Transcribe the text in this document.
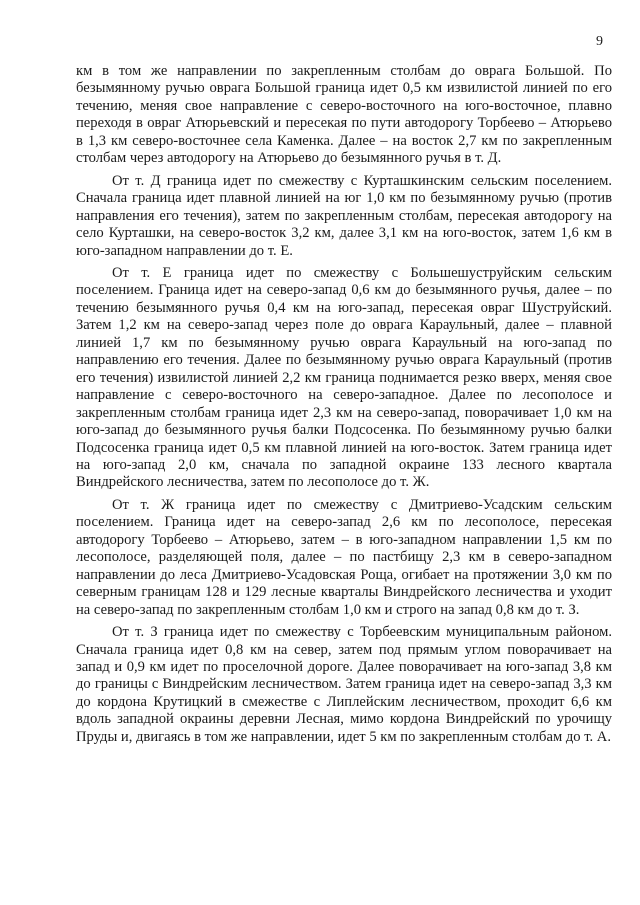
9

км в том же направлении по закрепленным столбам до оврага Большой. По безымянному ручью оврага Большой граница идет 0,5 км извилистой линией по его течению, меняя свое направление с северо-восточного на юго-восточное, плавно переходя в овраг Атюрьевский и пересекая по пути автодорогу Торбеево – Атюрьево в 1,3 км северо-восточнее села Каменка. Далее – на восток 2,7 км по закрепленным столбам через автодорогу на Атюрьево до безымянного ручья в т. Д.

От т. Д граница идет по смежеству с Курташкинским сельским поселением. Сначала граница идет плавной линией на юг 1,0 км по безымянному ручью (против направления его течения), затем по закрепленным столбам, пересекая автодорогу на село Курташки, на северо-восток 3,2 км, далее 3,1 км на юго-восток, затем 1,6 км в юго-западном направлении до т. Е.

От т. Е граница идет по смежеству с Большешуструйским сельским поселением. Граница идет на северо-запад 0,6 км до безымянного ручья, далее – по течению безымянного ручья 0,4 км на юго-запад, пересекая овраг Шуструйский. Затем 1,2 км на северо-запад через поле до оврага Караульный, далее – плавной линией 1,7 км по безымянному ручью оврага Караульный на юго-запад по направлению его течения. Далее по безымянному ручью оврага Караульный (против его течения) извилистой линией 2,2 км граница поднимается резко вверх, меняя свое направление с северо-восточного на северо-западное. Далее по лесополосе и закрепленным столбам граница идет 2,3 км на северо-запад, поворачивает 1,0 км на юго-запад до безымянного ручья балки Подсосенка. По безымянному ручью балки Подсосенка граница идет 0,5 км плавной линией на юго-восток. Затем граница идет на юго-запад 2,0 км, сначала по западной окраине 133 лесного квартала Виндрейского лесничества, затем по лесополосе до т. Ж.

От т. Ж граница идет по смежеству с Дмитриево-Усадским сельским поселением. Граница идет на северо-запад 2,6 км по лесополосе, пересекая автодорогу Торбеево – Атюрьево, затем – в юго-западном направлении 1,5 км по лесополосе, разделяющей поля, далее – по пастбищу 2,3 км в северо-западном направлении до леса Дмитриево-Усадовская Роща, огибает на протяжении 3,0 км по северным границам 128 и 129 лесные кварталы Виндрейского лесничества и уходит на северо-запад по закрепленным столбам 1,0 км и строго на запад 0,8 км до т. З.

От т. З граница идет по смежеству с Торбеевским муниципальным районом. Сначала граница идет 0,8 км на север, затем под прямым углом поворачивает на запад и 0,9 км идет по проселочной дороге. Далее поворачивает на юго-запад 3,8 км до границы с Виндрейским лесничеством. Затем граница идет на северо-запад 3,3 км до кордона Крутицкий в смежестве с Липлейским лесничеством, проходит 6,6 км вдоль западной окраины деревни Лесная, мимо кордона Виндрейский по урочищу Пруды и, двигаясь в том же направлении, идет 5 км по закрепленным столбам до т. А.
